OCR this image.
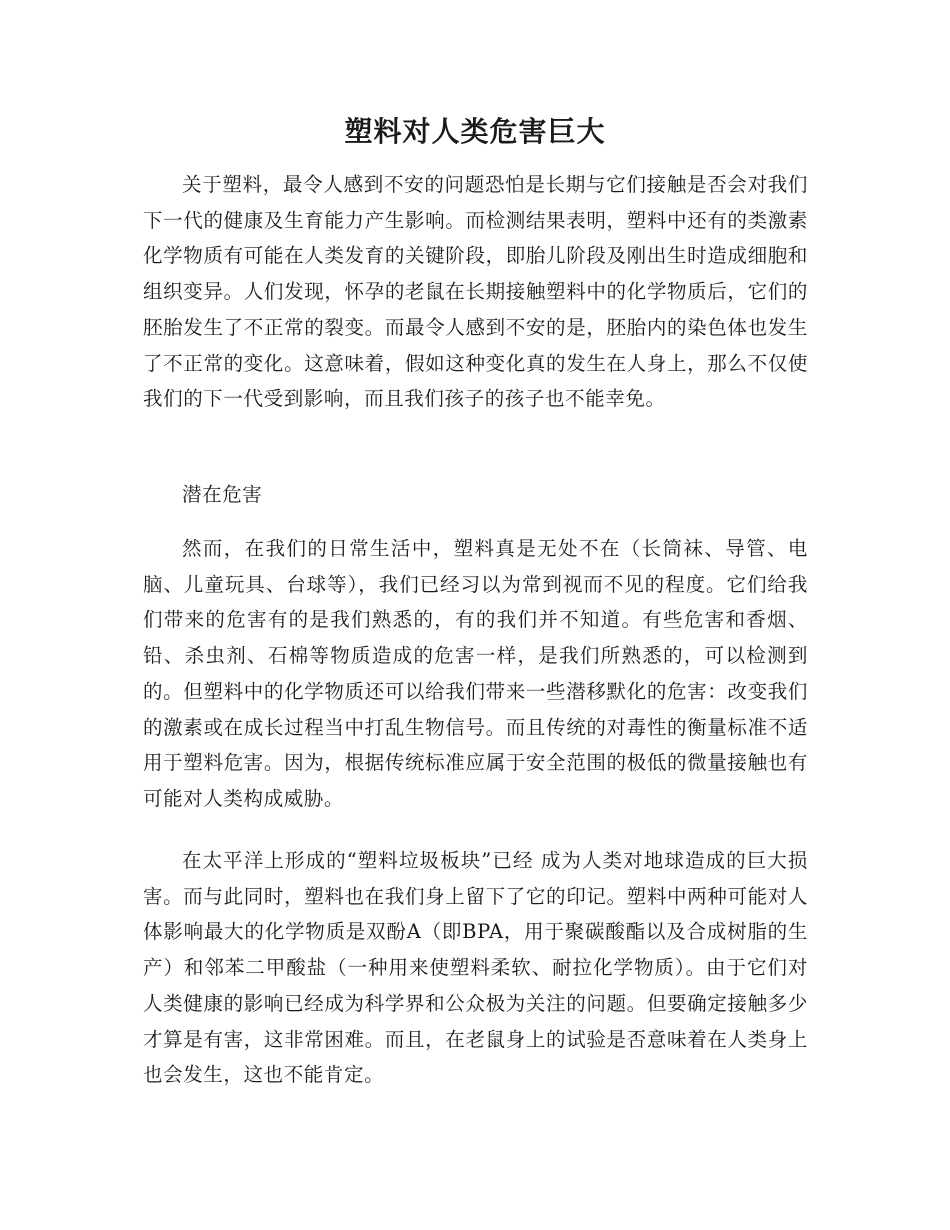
塑料对人类危害巨大

关于塑料，最令人感到不安的问题恐怕是长期与它们接触是否会对我们下一代的健康及生育能力产生影响。而检测结果表明，塑料中还有的类激素化学物质有可能在人类发育的关键阶段，即胎儿阶段及刚出生时造成细胞和组织变异。人们发现，怀孕的老鼠在长期接触塑料中的化学物质后，它们的胚胎发生了不正常的裂变。而最令人感到不安的是，胚胎内的染色体也发生了不正常的变化。这意味着，假如这种变化真的发生在人身上，那么不仅使我们的下一代受到影响，而且我们孩子的孩子也不能幸免。

潜在危害

然而，在我们的日常生活中，塑料真是无处不在（长筒袜、导管、电脑、儿童玩具、台球等），我们已经习以为常到视而不见的程度。它们给我们带来的危害有的是我们熟悉的，有的我们并不知道。有些危害和香烟、铅、杀虫剂、石棉等物质造成的危害一样，是我们所熟悉的，可以检测到的。但塑料中的化学物质还可以给我们带来一些潜移默化的危害：改变我们的激素或在成长过程当中打乱生物信号。而且传统的对毒性的衡量标准不适用于塑料危害。因为，根据传统标准应属于安全范围的极低的微量接触也有可能对人类构成威胁。

在太平洋上形成的“塑料垃圾板块”已经 成为人类对地球造成的巨大损害。而与此同时，塑料也在我们身上留下了它的印记。塑料中两种可能对人体影响最大的化学物质是双酚A（即BPA，用于聚碳酸酯以及合成树脂的生产）和邻苯二甲酸盐（一种用来使塑料柔软、耐拉化学物质）。由于它们对人类健康的影响已经成为科学界和公众极为关注的问题。但要确定接触多少才算是有害，这非常困难。而且，在老鼠身上的试验是否意味着在人类身上也会发生，这也不能肯定。
